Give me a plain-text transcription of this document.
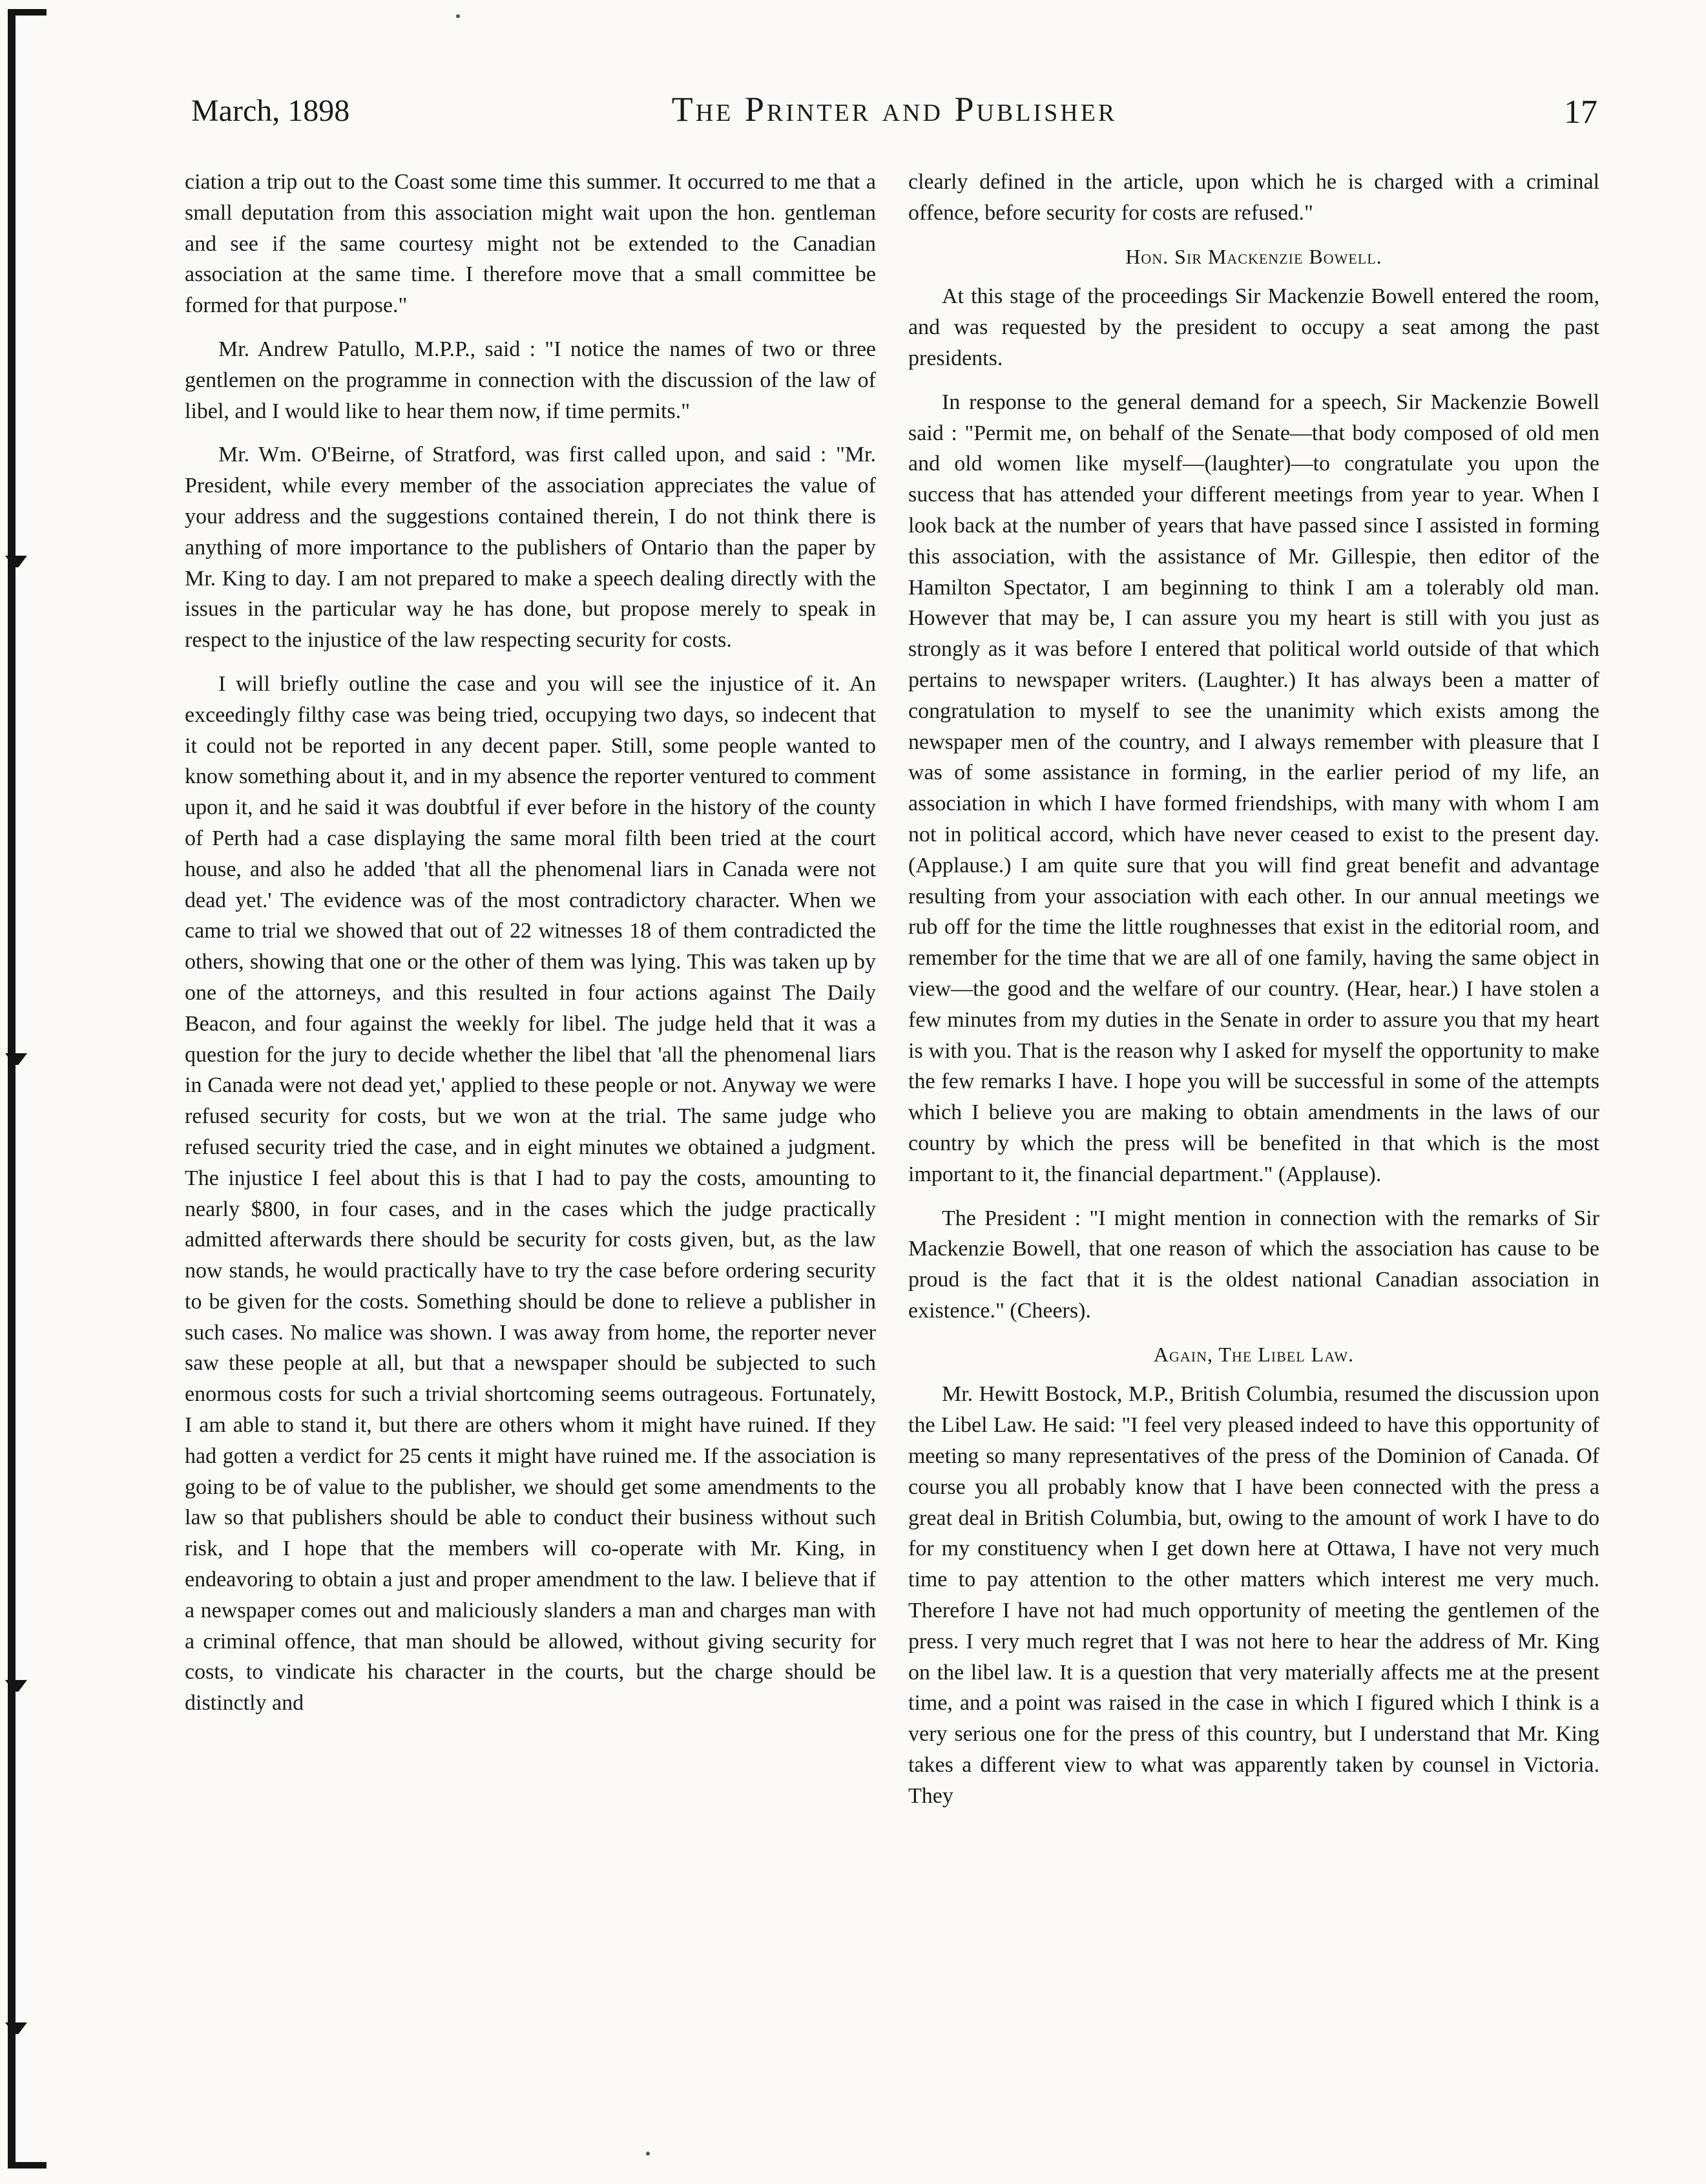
March, 1898	The Printer and Publisher	17

ciation a trip out to the Coast some time this summer. It occurred to me that a small deputation from this association might wait upon the hon. gentleman and see if the same courtesy might not be extended to the Canadian association at the same time. I therefore move that a small committee be formed for that purpose."

Mr. Andrew Patullo, M.P.P., said : "I notice the names of two or three gentlemen on the programme in connection with the discussion of the law of libel, and I would like to hear them now, if time permits."

Mr. Wm. O'Beirne, of Stratford, was first called upon, and said : "Mr. President, while every member of the association appreciates the value of your address and the suggestions contained therein, I do not think there is anything of more importance to the publishers of Ontario than the paper by Mr. King to day. I am not prepared to make a speech dealing directly with the issues in the particular way he has done, but propose merely to speak in respect to the injustice of the law respecting security for costs.

I will briefly outline the case and you will see the injustice of it. An exceedingly filthy case was being tried, occupying two days, so indecent that it could not be reported in any decent paper. Still, some people wanted to know something about it, and in my absence the reporter ventured to comment upon it, and he said it was doubtful if ever before in the history of the county of Perth had a case displaying the same moral filth been tried at the court house, and also he added 'that all the phenomenal liars in Canada were not dead yet.' The evidence was of the most contradictory character. When we came to trial we showed that out of 22 witnesses 18 of them contradicted the others, showing that one or the other of them was lying. This was taken up by one of the attorneys, and this resulted in four actions against The Daily Beacon, and four against the weekly for libel. The judge held that it was a question for the jury to decide whether the libel that 'all the phenomenal liars in Canada were not dead yet,' applied to these people or not. Anyway we were refused security for costs, but we won at the trial. The same judge who refused security tried the case, and in eight minutes we obtained a judgment. The injustice I feel about this is that I had to pay the costs, amounting to nearly $800, in four cases, and in the cases which the judge practically admitted afterwards there should be security for costs given, but, as the law now stands, he would practically have to try the case before ordering security to be given for the costs. Something should be done to relieve a publisher in such cases. No malice was shown. I was away from home, the reporter never saw these people at all, but that a newspaper should be subjected to such enormous costs for such a trivial shortcoming seems outrageous. Fortunately, I am able to stand it, but there are others whom it might have ruined. If they had gotten a verdict for 25 cents it might have ruined me. If the association is going to be of value to the publisher, we should get some amendments to the law so that publishers should be able to conduct their business without such risk, and I hope that the members will co-operate with Mr. King, in endeavoring to obtain a just and proper amendment to the law. I believe that if a newspaper comes out and maliciously slanders a man and charges man with a criminal offence, that man should be allowed, without giving security for costs, to vindicate his character in the courts, but the charge should be distinctly and

clearly defined in the article, upon which he is charged with a criminal offence, before security for costs are refused."

Hon. Sir Mackenzie Bowell.

At this stage of the proceedings Sir Mackenzie Bowell entered the room, and was requested by the president to occupy a seat among the past presidents.

In response to the general demand for a speech, Sir Mackenzie Bowell said : "Permit me, on behalf of the Senate—that body composed of old men and old women like myself—(laughter)—to congratulate you upon the success that has attended your different meetings from year to year. When I look back at the number of years that have passed since I assisted in forming this association, with the assistance of Mr. Gillespie, then editor of the Hamilton Spectator, I am beginning to think I am a tolerably old man. However that may be, I can assure you my heart is still with you just as strongly as it was before I entered that political world outside of that which pertains to newspaper writers. (Laughter.) It has always been a matter of congratulation to myself to see the unanimity which exists among the newspaper men of the country, and I always remember with pleasure that I was of some assistance in forming, in the earlier period of my life, an association in which I have formed friendships, with many with whom I am not in political accord, which have never ceased to exist to the present day. (Applause.) I am quite sure that you will find great benefit and advantage resulting from your association with each other. In our annual meetings we rub off for the time the little roughnesses that exist in the editorial room, and remember for the time that we are all of one family, having the same object in view—the good and the welfare of our country. (Hear, hear.) I have stolen a few minutes from my duties in the Senate in order to assure you that my heart is with you. That is the reason why I asked for myself the opportunity to make the few remarks I have. I hope you will be successful in some of the attempts which I believe you are making to obtain amendments in the laws of our country by which the press will be benefited in that which is the most important to it, the financial department." (Applause).

The President : "I might mention in connection with the remarks of Sir Mackenzie Bowell, that one reason of which the association has cause to be proud is the fact that it is the oldest national Canadian association in existence." (Cheers).

Again, The Libel Law.

Mr. Hewitt Bostock, M.P., British Columbia, resumed the discussion upon the Libel Law. He said: "I feel very pleased indeed to have this opportunity of meeting so many representatives of the press of the Dominion of Canada. Of course you all probably know that I have been connected with the press a great deal in British Columbia, but, owing to the amount of work I have to do for my constituency when I get down here at Ottawa, I have not very much time to pay attention to the other matters which interest me very much. Therefore I have not had much opportunity of meeting the gentlemen of the press. I very much regret that I was not here to hear the address of Mr. King on the libel law. It is a question that very materially affects me at the present time, and a point was raised in the case in which I figured which I think is a very serious one for the press of this country, but I understand that Mr. King takes a different view to what was apparently taken by counsel in Victoria. They
